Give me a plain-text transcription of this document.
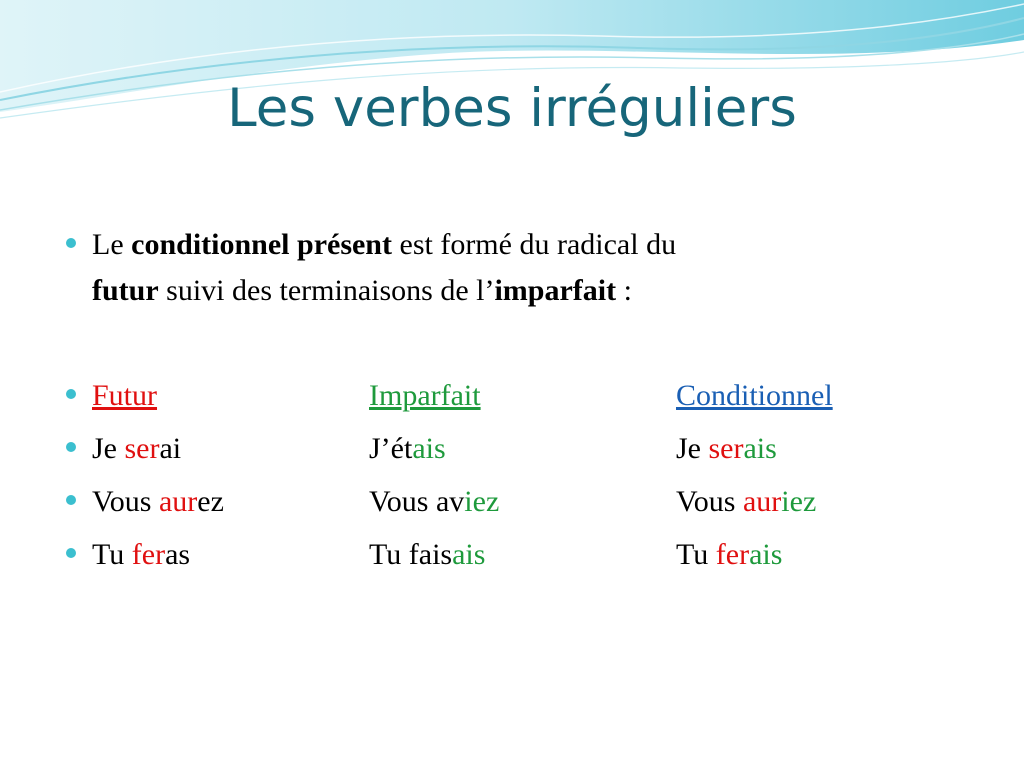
Les verbes irréguliers
Le conditionnel présent est formé du radical du
futur suivi des terminaisons de l’imparfait :
Futur	Imparfait	Conditionnel
Je serai	J’étais	Je serais
Vous aurez	Vous aviez	Vous auriez
Tu feras	Tu faisais	Tu ferais
